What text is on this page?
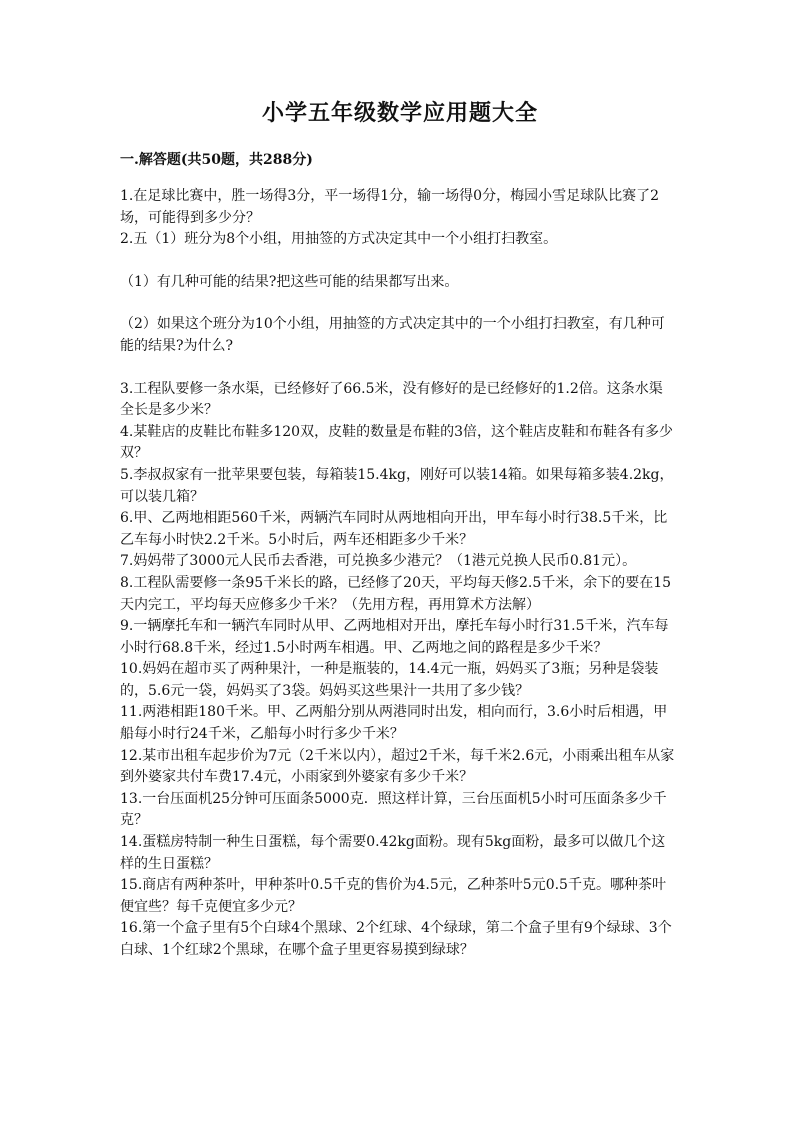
小学五年级数学应用题大全
一.解答题(共50题，共288分)

1.在足球比赛中，胜一场得3分，平一场得1分，输一场得0分，梅园小雪足球队比赛了2场，可能得到多少分？

2.五（1）班分为8个小组，用抽签的方式决定其中一个小组打扫教室。

（1）有几种可能的结果?把这些可能的结果都写出来。

（2）如果这个班分为10个小组，用抽签的方式决定其中的一个小组打扫教室，有几种可能的结果?为什么?

3.工程队要修一条水渠，已经修好了66.5米，没有修好的是已经修好的1.2倍。这条水渠全长是多少米？

4.某鞋店的皮鞋比布鞋多120双，皮鞋的数量是布鞋的3倍，这个鞋店皮鞋和布鞋各有多少双？

5.李叔叔家有一批苹果要包装，每箱装15.4kg，刚好可以装14箱。如果每箱多装4.2kg，可以装几箱？

6.甲、乙两地相距560千米，两辆汽车同时从两地相向开出，甲车每小时行38.5千米，比乙车每小时快2.2千米。5小时后，两车还相距多少千米？

7.妈妈带了3000元人民币去香港，可兑换多少港元？（1港元兑换人民币0.81元）。

8.工程队需要修一条95千米长的路，已经修了20天，平均每天修2.5千米，余下的要在15天内完工，平均每天应修多少千米？（先用方程，再用算术方法解）

9.一辆摩托车和一辆汽车同时从甲、乙两地相对开出，摩托车每小时行31.5千米，汽车每小时行68.8千米，经过1.5小时两车相遇。甲、乙两地之间的路程是多少千米？

10.妈妈在超市买了两种果汁，一种是瓶装的，14.4元一瓶，妈妈买了3瓶；另种是袋装的，5.6元一袋，妈妈买了3袋。妈妈买这些果汁一共用了多少钱？

11.两港相距180千米。甲、乙两船分别从两港同时出发，相向而行，3.6小时后相遇，甲船每小时行24千米，乙船每小时行多少千米？

12.某市出租车起步价为7元（2千米以内），超过2千米，每千米2.6元，小雨乘出租车从家到外婆家共付车费17.4元，小雨家到外婆家有多少千米？

13.一台压面机25分钟可压面条5000克．照这样计算，三台压面机5小时可压面条多少千克？

14.蛋糕房特制一种生日蛋糕，每个需要0.42kg面粉。现有5kg面粉，最多可以做几个这样的生日蛋糕？

15.商店有两种茶叶，甲种茶叶0.5千克的售价为4.5元，乙种茶叶5元0.5千克。哪种茶叶便宜些？每千克便宜多少元？

16.第一个盒子里有5个白球4个黑球、2个红球、4个绿球，第二个盒子里有9个绿球、3个白球、1个红球2个黑球，在哪个盒子里更容易摸到绿球？
